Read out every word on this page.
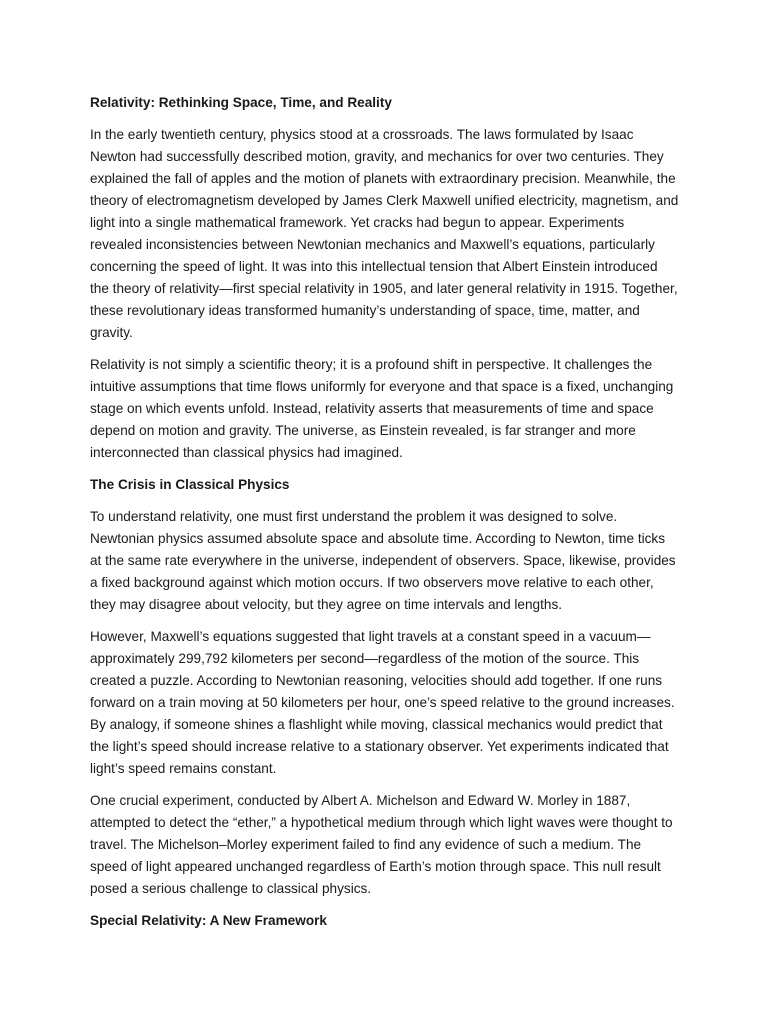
Relativity: Rethinking Space, Time, and Reality

In the early twentieth century, physics stood at a crossroads. The laws formulated by Isaac Newton had successfully described motion, gravity, and mechanics for over two centuries. They explained the fall of apples and the motion of planets with extraordinary precision. Meanwhile, the theory of electromagnetism developed by James Clerk Maxwell unified electricity, magnetism, and light into a single mathematical framework. Yet cracks had begun to appear. Experiments revealed inconsistencies between Newtonian mechanics and Maxwell’s equations, particularly concerning the speed of light. It was into this intellectual tension that Albert Einstein introduced the theory of relativity—first special relativity in 1905, and later general relativity in 1915. Together, these revolutionary ideas transformed humanity’s understanding of space, time, matter, and gravity.

Relativity is not simply a scientific theory; it is a profound shift in perspective. It challenges the intuitive assumptions that time flows uniformly for everyone and that space is a fixed, unchanging stage on which events unfold. Instead, relativity asserts that measurements of time and space depend on motion and gravity. The universe, as Einstein revealed, is far stranger and more interconnected than classical physics had imagined.

The Crisis in Classical Physics

To understand relativity, one must first understand the problem it was designed to solve. Newtonian physics assumed absolute space and absolute time. According to Newton, time ticks at the same rate everywhere in the universe, independent of observers. Space, likewise, provides a fixed background against which motion occurs. If two observers move relative to each other, they may disagree about velocity, but they agree on time intervals and lengths.

However, Maxwell’s equations suggested that light travels at a constant speed in a vacuum—approximately 299,792 kilometers per second—regardless of the motion of the source. This created a puzzle. According to Newtonian reasoning, velocities should add together. If one runs forward on a train moving at 50 kilometers per hour, one’s speed relative to the ground increases. By analogy, if someone shines a flashlight while moving, classical mechanics would predict that the light’s speed should increase relative to a stationary observer. Yet experiments indicated that light’s speed remains constant.

One crucial experiment, conducted by Albert A. Michelson and Edward W. Morley in 1887, attempted to detect the “ether,” a hypothetical medium through which light waves were thought to travel. The Michelson–Morley experiment failed to find any evidence of such a medium. The speed of light appeared unchanged regardless of Earth’s motion through space. This null result posed a serious challenge to classical physics.

Special Relativity: A New Framework
